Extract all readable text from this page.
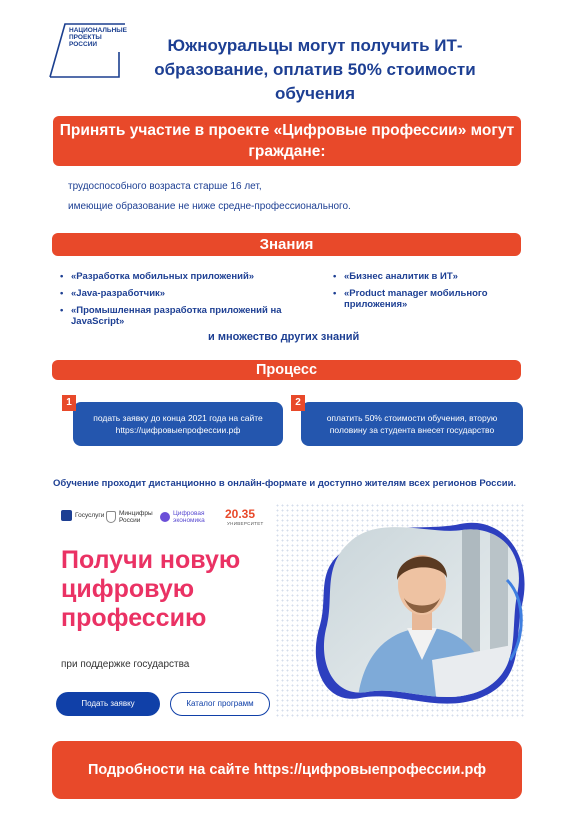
НАЦИОНАЛЬНЫЕ ПРОЕКТЫ РОССИИ	Южноуральцы могут получить ИТ-образование, оплатив 50% стоимости обучения
Принять участие в проекте «Цифровые профессии» могут граждане:
трудоспособного возраста старше 16 лет,
имеющие образование не ниже средне-профессионального.
Знания
• «Разработка мобильных приложений»
• «Java-разработчик»
• «Промышленная разработка приложений на JavaScript»
• «Бизнес аналитик в ИТ»
• «Product manager мобильного приложения»
и множество других знаний
Процесс
подать заявку до конца 2021 года на сайте https://цифровыепрофессии.рф
1
оплатить 50% стоимости обучения, вторую половину за студента внесет государство
2
Обучение проходит дистанционно в онлайн-формате и доступно жителям всех регионов России.
Госуслуги Минцифры России
Цифровая экономика	20.35
УНИВЕРСИТЕТ
Получи новую цифровую профессию
при поддержке государства
Подать заявку	Каталог программ
Подробности на сайте https://цифровыепрофессии.рф
